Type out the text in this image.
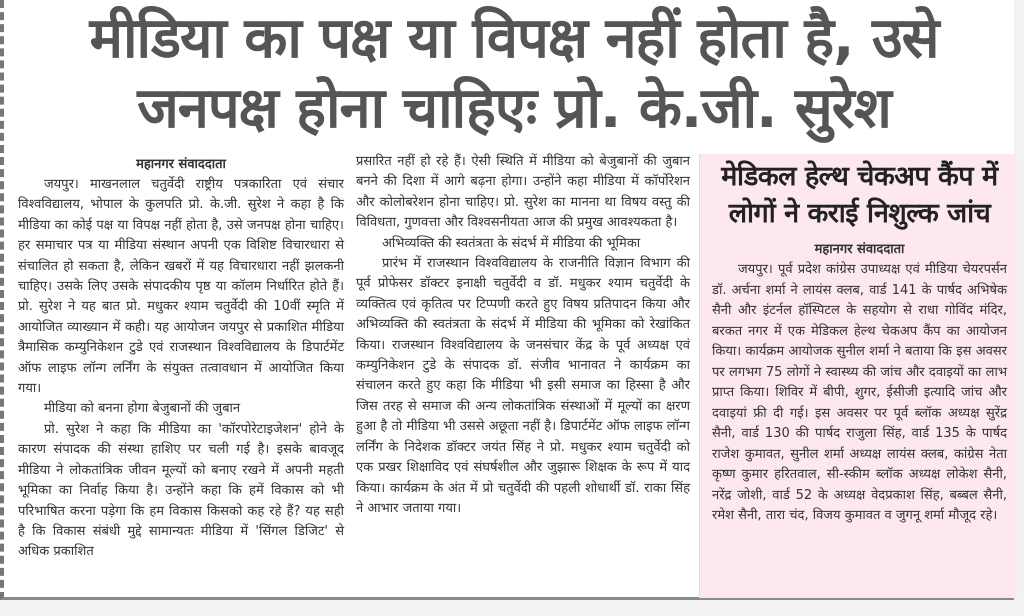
मीडिया का पक्ष या विपक्ष नहीं होता है, उसे
जनपक्ष होना चाहिएः प्रो. के.जी. सुरेश
महानगर संवाददाता

जयपुर। माखनलाल चतुर्वेदी राष्ट्रीय पत्रकारिता एवं संचार विश्वविद्यालय, भोपाल के कुलपति प्रो. के.जी. सुरेश ने कहा है कि मीडिया का कोई पक्ष या विपक्ष नहीं होता है, उसे जनपक्ष होना चाहिए। हर समाचार पत्र या मीडिया संस्थान अपनी एक विशिष्ट विचारधारा से संचालित हो सकता है, लेकिन खबरों में यह विचारधारा नहीं झलकनी चाहिए। उसके लिए उसके संपादकीय पृष्ठ या कॉलम निर्धारित होते हैं। प्रो. सुरेश ने यह बात प्रो. मधुकर श्याम चतुर्वेदी की 10वीं स्मृति में आयोजित व्याख्यान में कही। यह आयोजन जयपुर से प्रकाशित मीडिया त्रैमासिक कम्युनिकेशन टुडे एवं राजस्थान विश्वविद्यालय के डिपार्टमेंट ऑफ लाइफ लॉन्ग लर्निंग के संयुक्त तत्वावधान में आयोजित किया गया।

मीडिया को बनना होगा बेजुबानों की जुबान

प्रो. सुरेश ने कहा कि मीडिया का 'कॉरपोरेटाइजेशन' होने के कारण संपादक की संस्था हाशिए पर चली गई है। इसके बावजूद मीडिया ने लोकतांत्रिक जीवन मूल्यों को बनाए रखने में अपनी महती भूमिका का निर्वाह किया है। उन्होंने कहा कि हमें विकास को भी परिभाषित करना पड़ेगा कि हम विकास किसको कह रहे हैं? यह सही है कि विकास संबंधी मुद्दे सामान्यतः मीडिया में 'सिंगल डिजिट' से अधिक प्रकाशित

प्रसारित नहीं हो रहे हैं। ऐसी स्थिति में मीडिया को बेजुबानों की जुबान बनने की दिशा में आगे बढ़ना होगा। उन्होंने कहा मीडिया में कॉर्पोरेशन और कोलोबरेशन होना चाहिए। प्रो. सुरेश का मानना था विषय वस्तु की विविधता, गुणवत्ता और विश्वसनीयता आज की प्रमुख आवश्यकता है।

अभिव्यक्ति की स्वतंत्रता के संदर्भ में मीडिया की भूमिका

प्रारंभ में राजस्थान विश्वविद्यालय के राजनीति विज्ञान विभाग की पूर्व प्रोफेसर डॉक्टर इनाक्षी चतुर्वेदी व डॉ. मधुकर श्याम चतुर्वेदी के व्यक्तित्व एवं कृतित्व पर टिप्पणी करते हुए विषय प्रतिपादन किया और अभिव्यक्ति की स्वतंत्रता के संदर्भ में मीडिया की भूमिका को रेखांकित किया। राजस्थान विश्वविद्यालय के जनसंचार केंद्र के पूर्व अध्यक्ष एवं कम्युनिकेशन टुडे के संपादक डॉ. संजीव भानावत ने कार्यक्रम का संचालन करते हुए कहा कि मीडिया भी इसी समाज का हिस्सा है और जिस तरह से समाज की अन्य लोकतांत्रिक संस्थाओं में मूल्यों का क्षरण हुआ है तो मीडिया भी उससे अछूता नहीं है। डिपार्टमेंट ऑफ लाइफ लॉन्ग लर्निंग के निदेशक डॉक्टर जयंत सिंह ने प्रो. मधुकर श्याम चतुर्वेदी को एक प्रखर शिक्षाविद एवं संघर्षशील और जुझारू शिक्षक के रूप में याद किया। कार्यक्रम के अंत में प्रो चतुर्वेदी की पहली शोधार्थी डॉ. राका सिंह ने आभार जताया गया।

मेडिकल हेल्थ चेकअप कैंप में लोगों ने कराई निशुल्क जांच
महानगर संवाददाता

जयपुर। पूर्व प्रदेश कांग्रेस उपाध्यक्ष एवं मीडिया चेयरपर्सन डॉ. अर्चना शर्मा ने लायंस क्लब, वार्ड 141 के पार्षद अभिषेक सैनी और इंटर्नल हॉस्पिटल के सहयोग से राधा गोविंद मंदिर, बरकत नगर में एक मेडिकल हेल्थ चेकअप कैंप का आयोजन किया। कार्यक्रम आयोजक सुनील शर्मा ने बताया कि इस अवसर पर लगभग 75 लोगों ने स्वास्थ्य की जांच और दवाइयों का लाभ प्राप्त किया। शिविर में बीपी, शुगर, ईसीजी इत्यादि जांच और दवाइयां फ्री दी गई। इस अवसर पर पूर्व ब्लॉक अध्यक्ष सुरेंद्र सैनी, वार्ड 130 की पार्षद राजुला सिंह, वार्ड 135 के पार्षद राजेश कुमावत, सुनील शर्मा अध्यक्ष लायंस क्लब, कांग्रेस नेता कृष्ण कुमार हरितवाल, सी-स्कीम ब्लॉक अध्यक्ष लोकेश सैनी, नरेंद्र जोशी, वार्ड 52 के अध्यक्ष वेदप्रकाश सिंह, बब्बल सैनी, रमेश सैनी, तारा चंद, विजय कुमावत व जुगनू शर्मा मौजूद रहे।
